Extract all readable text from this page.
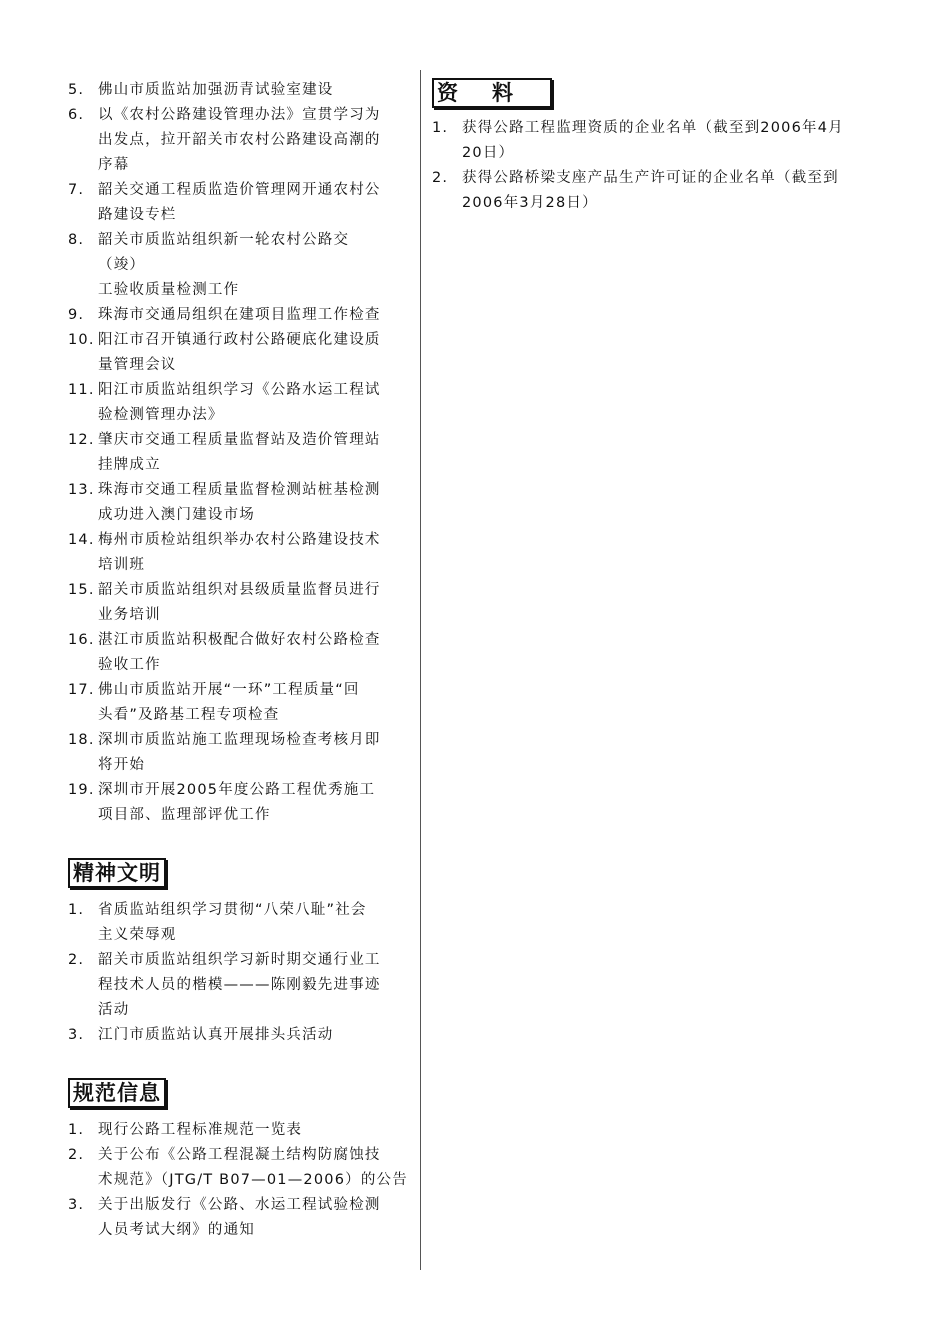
5. 佛山市质监站加强沥青试验室建设

6. 以《农村公路建设管理办法》宣贯学习为
出发点，拉开韶关市农村公路建设高潮的
序幕

7. 韶关交通工程质监造价管理网开通农村公
路建设专栏

8. 韶关市质监站组织新一轮农村公路交
（竣）
工验收质量检测工作

9. 珠海市交通局组织在建项目监理工作检查

10. 阳江市召开镇通行政村公路硬底化建设质
量管理会议

11. 阳江市质监站组织学习《公路水运工程试
验检测管理办法》

12. 肇庆市交通工程质量监督站及造价管理站
挂牌成立

13. 珠海市交通工程质量监督检测站桩基检测
成功进入澳门建设市场

14. 梅州市质检站组织举办农村公路建设技术
培训班

15. 韶关市质监站组织对县级质量监督员进行
业务培训

16. 湛江市质监站积极配合做好农村公路检查
验收工作

17. 佛山市质监站开展“一环”工程质量“回
头看”及路基工程专项检查

18. 深圳市质监站施工监理现场检查考核月即
将开始

19. 深圳市开展2005年度公路工程优秀施工
项目部、监理部评优工作

精神文明

1. 省质监站组织学习贯彻“八荣八耻”社会
主义荣辱观

2. 韶关市质监站组织学习新时期交通行业工
程技术人员的楷模———陈刚毅先进事迹
活动

3. 江门市质监站认真开展排头兵活动

规范信息

1. 现行公路工程标准规范一览表

2. 关于公布《公路工程混凝土结构防腐蚀技
术规范》（JTG/T B07—01—2006）的公告

3. 关于出版发行《公路、水运工程试验检测
人员考试大纲》的通知

资料

1. 获得公路工程监理资质的企业名单（截至到2006年4月
20日）

2. 获得公路桥梁支座产品生产许可证的企业名单（截至到
2006年3月28日）
